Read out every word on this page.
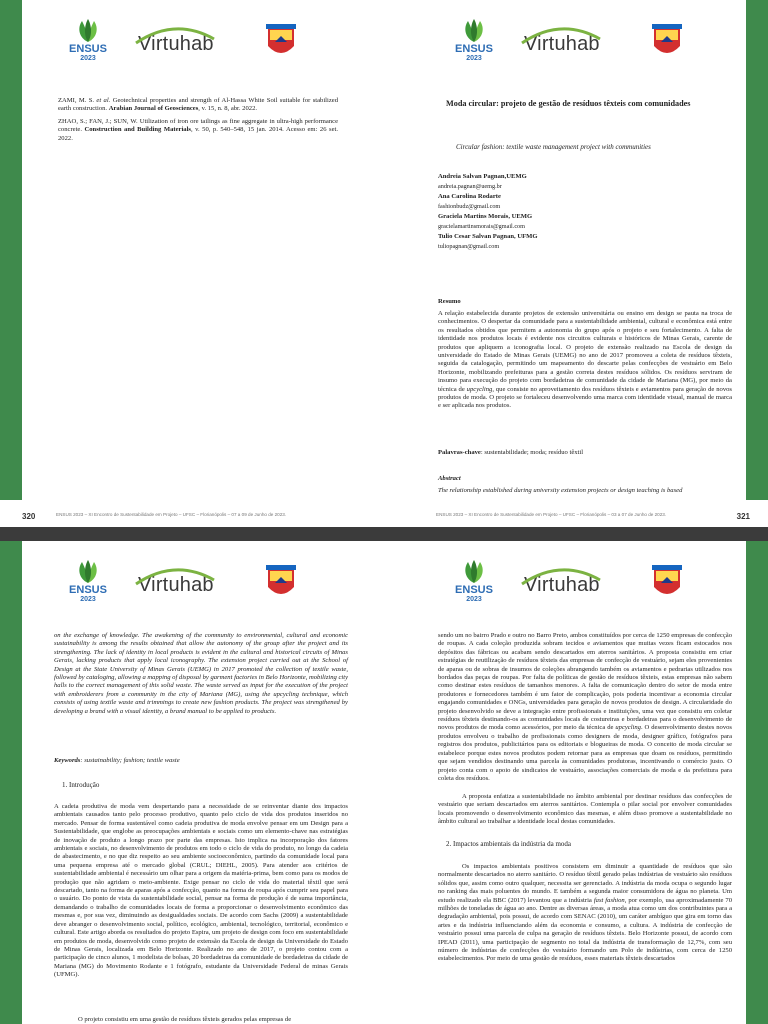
ENSUS
2023
Virtuhab
ZAMI, M. S. et al. Geotechnical properties and strength of Al-Hassa White Soil suitable for stabilized earth construction. Arabian Journal of Geosciences, v. 15, n. 8, abr. 2022.
ZHAO, S.; FAN, J.; SUN, W. Utilization of iron ore tailings as fine aggregate in ultra-high performance concrete. Construction and Building Materials, v. 50, p. 540–548, 15 jan. 2014. Acesso em: 26 set. 2022.
320	ENSUS 2023 – XI Encontro de Sustentabilidade em Projeto – UFSC – Florianópolis – 07 a 09 de Junho de 2023.
ENSUS
2023
Virtuhab
Moda circular: projeto de gestão de resíduos têxteis com comunidades
Circular fashion: textile waste management project with communities

Andreia Salvan Pagnan,UEMG

andreia.pagnan@uemg.br

Ana Carolina Rodarte

fashionbudz@gmail.com

Graciela Martins Morais, UEMG

gracielamartinsmorais@gmail.com

Tulio Cesar Salvan Pagnan, UFMG

tuliopagnan@gmail.com

Resumo
A relação estabelecida durante projetos de extensão universitária ou ensino em design se pauta na troca de conhecimentos. O despertar da comunidade para a sustentabilidade ambiental, cultural e econômica está entre os resultados obtidos que permitem a autonomia do grupo após o projeto e seu fortalecimento. A falta de identidade nos produtos locais é evidente nos circuitos culturais e históricos de Minas Gerais, carente de produtos que apliquem a iconografia local. O projeto de extensão realizado na Escola de design da universidade do Estado de Minas Gerais (UEMG) no ano de 2017 promoveu a coleta de resíduos têxteis, seguida da catalogação, permitindo um mapeamento do descarte pelas confecções de vestuário em Belo Horizonte, mobilizando prefeituras para a gestão correta destes resíduos sólidos. Os resíduos serviram de insumo para execução do projeto com bordadeiras de comunidade da cidade de Mariana (MG), por meio da técnica de upcycling, que consiste no aproveitamento dos resíduos têxteis e aviamentos para geração de novos produtos de moda. O projeto se fortaleceu desenvolvendo uma marca com identidade visual, manual de marca e ser aplicada nos produtos.
Palavras-chave: sustentabilidade; moda; resíduo têxtil
Abstract
The relationship established during university extension projects or design teaching is based
ENSUS 2023 – XI Encontro de Sustentabilidade em Projeto – UFSC – Florianópolis – 03 a 07 de Junho de 2023.	321
ENSUS
2023
Virtuhab
on the exchange of knowledge. The awakening of the community to environmental, cultural and economic sustainability is among the results obtained that allow the autonomy of the group after the project and its strengthening. The lack of identity in local products is evident in the cultural and historical circuits of Minas Gerais, lacking products that apply local iconography. The extension project carried out at the School of Design at the State University of Minas Gerais (UEMG) in 2017 promoted the collection of textile waste, followed by cataloging, allowing a mapping of disposal by garment factories in Belo Horizonte, mobilizing city halls to the correct management of this solid waste. The waste served as input for the execution of the project with embroiderers from a community in the city of Mariana (MG), using the upcycling technique, which consists of using textile waste and trimmings to create new fashion products. The project was strengthened by developing a brand with a visual identity, a brand manual to be applied to products.
Keywords: sustainability; fashion; textile waste
1. Introdução
A cadeia produtiva de moda vem despertando para a necessidade de se reinventar diante dos impactos ambientais causados tanto pelo processo produtivo, quanto pelo ciclo de vida dos produtos inseridos no mercado. Pensar de forma sustentável como cadeia produtiva de moda envolve pensar em um Design para a Sustentabilidade, que englobe as preocupações ambientais e sociais como um elemento-chave nas estratégias de inovação de produto a longo prazo por parte das empresas. Isto implica na incorporação dos fatores ambientais e sociais, no desenvolvimento de produtos em todo o ciclo de vida do produto, no longo da cadeia de abastecimento, e no que diz respeito ao seu ambiente socioeconômico, partindo da comunidade local para uma pequena empresa até o mercado global (CRUL; DIEHL, 2005). Para atender aos critérios de sustentabilidade ambiental é necessário um olhar para a origem da matéria-prima, bem como para os modos de produção que não agridam o meio-ambiente. Exige pensar no ciclo de vida do material têxtil que será descartado, tanto na forma de aparas após a confecção, quanto na forma de roupa após cumprir seu papel para o usuário. Do ponto de vista da sustentabilidade social, pensar na forma de produção é de suma importância, demandando o trabalho de comunidades locais de forma a proporcionar o desenvolvimento econômico das mesmas e, por sua vez, diminuindo as desigualdades sociais. De acordo com Sachs (2009) a sustentabilidade deve abranger o desenvolvimento social, político, ecológico, ambiental, tecnológico, territorial, econômico e cultural. Este artigo aborda os resultados do projeto Espira, um projeto de design com foco em sustentabilidade em produtos de moda, desenvolvido como projeto de extensão da Escola de design da Universidade do Estado de Minas Gerais, localizada em Belo Horizonte. Realizado no ano de 2017, o projeto contou com a participação de cinco alunos, 1 modelista de bolsas, 20 bordadeiras da comunidade de bordadeiras da cidade de Mariana (MG) do Movimento Rodante e 1 fotógrafo, estudante da Universidade Federal de minas Gerais (UFMG).
O projeto consistiu em uma gestão de resíduos têxteis gerados pelas empresas de
ENSUS
2023
Virtuhab
sendo um no bairro Prado e outro no Barro Preto, ambos constituídos por cerca de 1250 empresas de confecção de roupas. A cada coleção produzida sobram tecidos e aviamentos que muitas vezes ficam estocados nos depósitos das fábricas ou acabam sendo descartados em aterros sanitários. A proposta consistiu em criar estratégias de reutilização de resíduos têxteis das empresas de confecção de vestuário, sejam eles provenientes de aparas ou de sobras de insumos de coleções abrangendo também os aviamentos e pedrarias utilizados nos bordados das peças de roupas. Por falta de políticas de gestão de resíduos têxteis, estas empresas não sabem como destinar estes resíduos de tamanhos menores. A falta de comunicação dentro do setor de moda entre produtores e fornecedores também é um fator de complicação, pois poderia incentivar a economia circular engajando comunidades e ONGs, universidades para geração de novos produtos de design. A circularidade do projeto desenvolvido se deve a integração entre profissionais e instituições, uma vez que consistiu em coletar resíduos têxteis destinando-os as comunidades locais de costureiras e bordadeiras para o desenvolvimento de novos produtos de moda como acessórios, por meio da técnica de upcycling. O desenvolvimento destes novos produtos envolveu o trabalho de profissionais como designers de moda, designer gráfico, fotógrafos para registros dos produtos, publicitários para os editoriais e blogueiras de moda. O conceito de moda circular se estabelece porque estes novos produtos podem retornar para as empresas que doam os resíduos, permitindo que sejam vendidos destinando uma parcela às comunidades produtoras, incentivando o comércio justo. O projeto conta com o apoio de sindicatos de vestuário, associações comerciais de moda e da prefeitura para coleta dos resíduos.
A proposta enfatiza a sustentabilidade no âmbito ambiental por destinar resíduos das confecções de vestuário que seriam descartados em aterros sanitários. Contempla o pilar social por envolver comunidades locais promovendo o desenvolvimento econômico das mesmas, e além disso promove a sustentabilidade no âmbito cultural ao trabalhar a identidade local destas comunidades.
2. Impactos ambientais da indústria da moda
Os impactos ambientais positivos consistem em diminuir a quantidade de resíduos que são normalmente descartados no aterro sanitário. O resíduo têxtil gerado pelas indústrias de vestuário são resíduos sólidos que, assim como outro qualquer, necessita ser gerenciado. A indústria da moda ocupa o segundo lugar no ranking das mais poluentes do mundo. E também a segunda maior consumidora de água no planeta. Um estudo realizado ela BBC (2017) levantou que a indústria fast fashion, por exemplo, usa aproximadamente 70 milhões de toneladas de água ao ano. Dentre as diversas áreas, a moda atua como um dos contribuintes para a degradação ambiental, pois possui, de acordo com SENAC (2010), um caráter ambíguo que gira em torno das artes e da indústria influenciando além da economia e consumo, a cultura. A indústria de confecção de vestuário possui uma parcela de culpa na geração de resíduos têxteis. Belo Horizonte possui, de acordo com IPEAD (2011), uma participação de segmento no total da indústria de transformação de 12,7%, com seu número de indústrias de confecções do vestuário formando um Polo de indústrias, com cerca de 1250 estabelecimentos. Por meio de uma gestão de resíduos, esses materiais têxteis descartados
